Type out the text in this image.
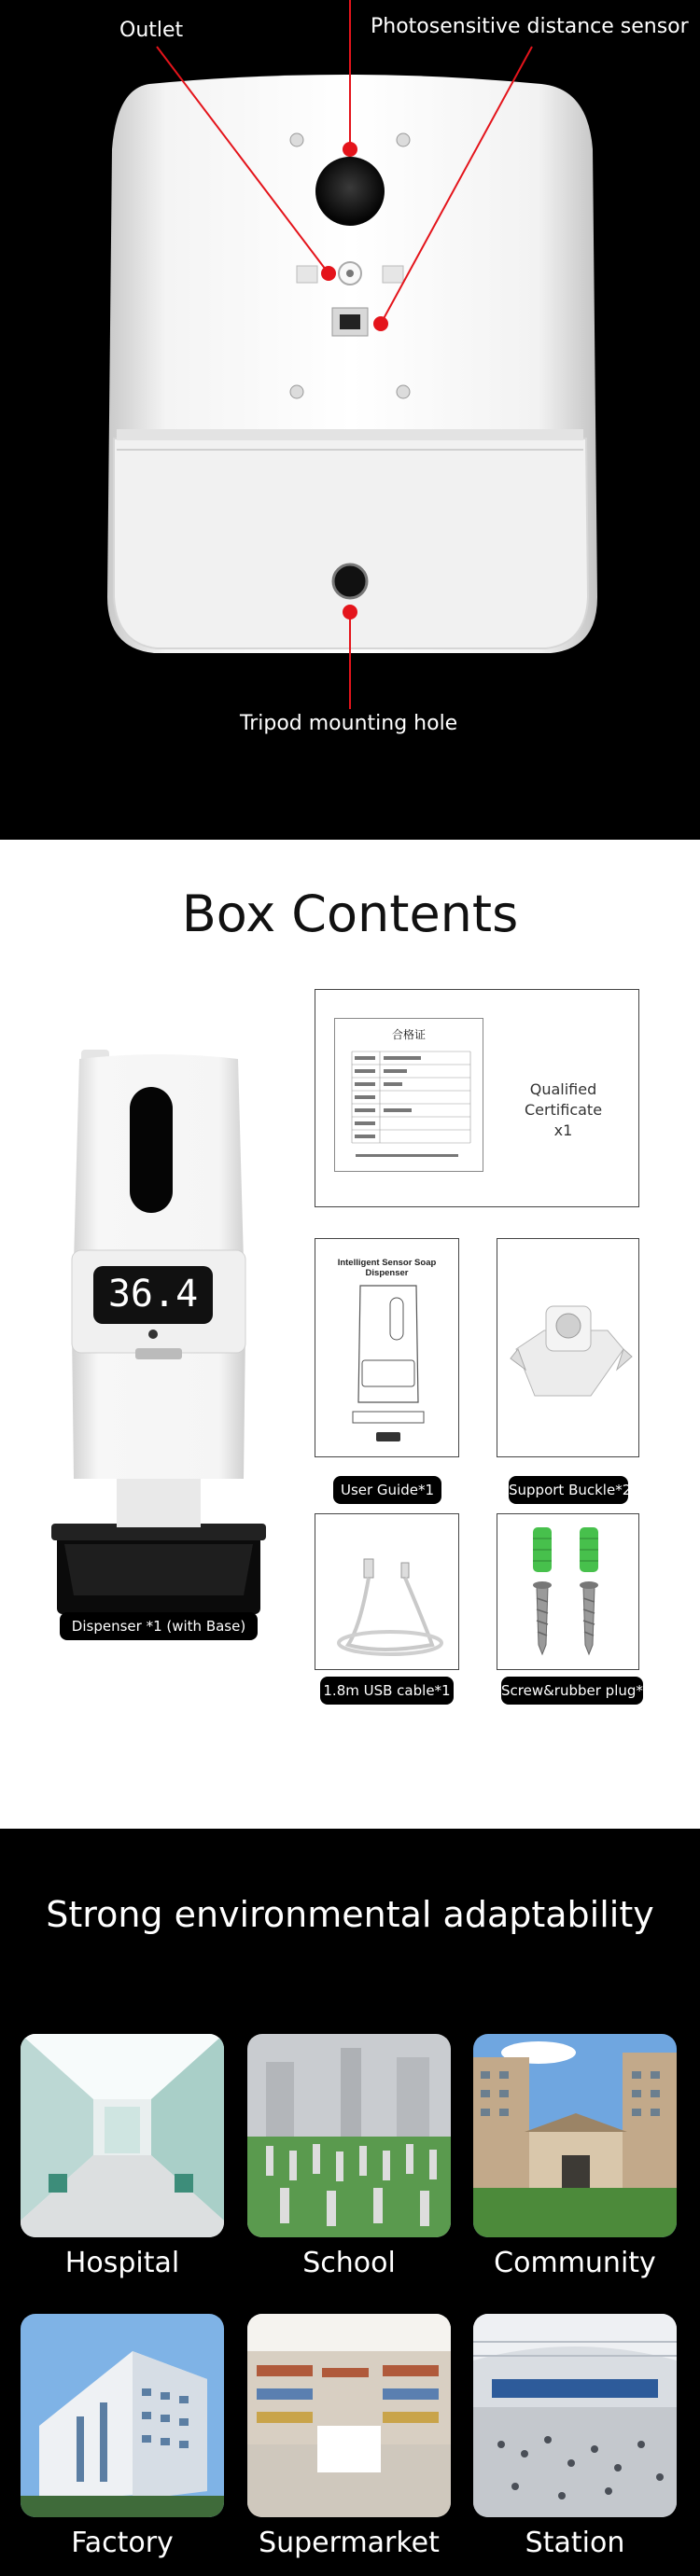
Outlet	Photosensitive distance sensor
Tripod mounting hole
Box Contents
36.4
Dispenser *1 (with Base)
合格证
Qualified Certificate
x1
Intelligent Sensor Soap Dispenser
User Guide*1	Support Buckle*2
1.8m USB cable*1	Screw&rubber plug*2
Strong environmental adaptability
Hospital	School	Community
Factory	Supermarket	Station
